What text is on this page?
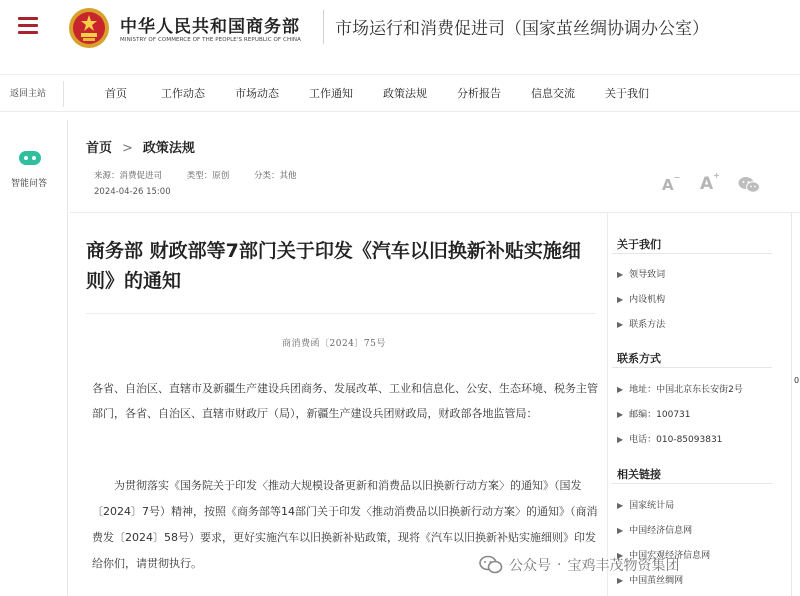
中华人民共和国商务部
MINISTRY OF COMMERCE OF THE PEOPLE'S REPUBLIC OF CHINA
市场运行和消费促进司（国家茧丝绸协调办公室）
返回主站	首页	工作动态	市场动态	工作通知	政策法规	分析报告	信息交流	关于我们
智能问答
首页 > 政策法规
来源：消费促进司	类型：原创	分类：其他
2024-04-26 15:00	A− A+
商务部 财政部等7部门关于印发《汽车以旧换新补贴实施细则》的通知
商消费函〔2024〕75号
各省、自治区、直辖市及新疆生产建设兵团商务、发展改革、工业和信息化、公安、生态环境、税务主管部门，各省、自治区、直辖市财政厅（局），新疆生产建设兵团财政局，财政部各地监管局：
为贯彻落实《国务院关于印发〈推动大规模设备更新和消费品以旧换新行动方案〉的通知》（国发〔2024〕7号）精神，按照《商务部等14部门关于印发〈推动消费品以旧换新行动方案〉的通知》（商消费发〔2024〕58号）要求，更好实施汽车以旧换新补贴政策，现将《汽车以旧换新补贴实施细则》印发给你们，请贯彻执行。
关于我们
▶ 领导致词
▶ 内设机构
▶ 联系方法
联系方式
▶ 地址：中国北京东长安街2号
▶ 邮编：100731
▶ 电话：010-85093831
相关链接
▶ 国家统计局
▶ 中国经济信息网
▶ 中国宏观经济信息网
▶ 中国茧丝绸网
0
公众号 · 宝鸡丰茂物资集团
